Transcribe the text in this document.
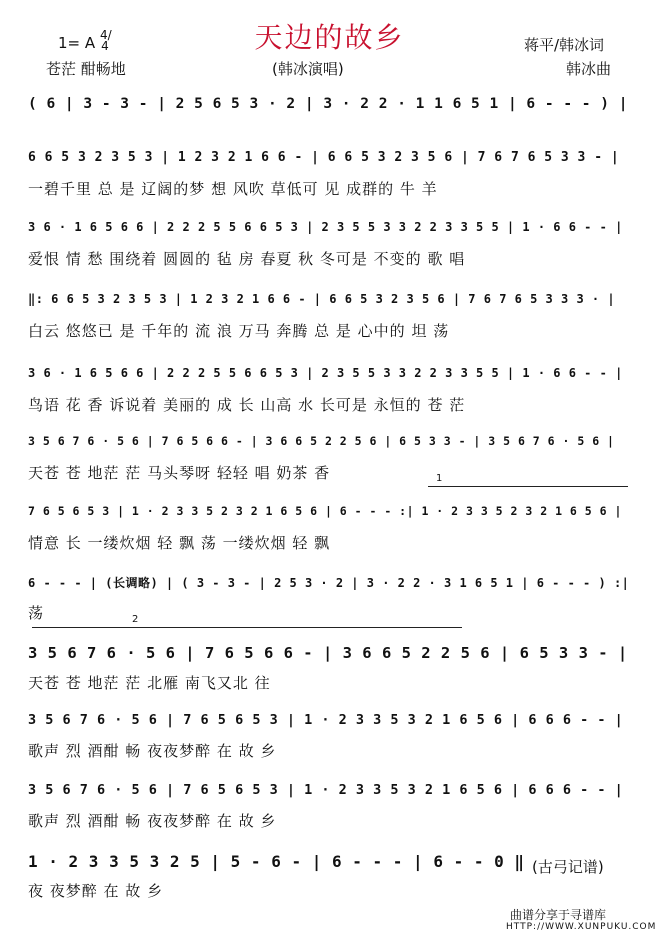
1= A 4/4
苍茫 酣畅地
天边的故乡
(韩冰演唱)
蒋平/韩冰词
韩冰曲
( 6 | 3 - 3 - | 2 5 6 5 3 · 2 | 3 · 2 2 · 1 1 6 5 1 | 6 - - - ) |
6 6 5 3 2 3 5 3 | 1 2 3 2 1 6 6 - | 6 6 5 3 2 3 5 6 | 7 6 7 6 5 3 3 - |
一碧千里 总 是 辽阔的梦 想 风吹 草低可 见 成群的 牛 羊
3 6 · 1 6 5 6 6 | 2 2 2 5 5 6 6 5 3 | 2 3 5 5 3 3 2 2 3 3 5 5 | 1 · 6 6 - - |
爱恨 情 愁 围绕着 圆圆的 毡 房 春夏 秋 冬可是 不变的 歌 唱
‖: 6 6 5 3 2 3 5 3 | 1 2 3 2 1 6 6 - | 6 6 5 3 2 3 5 6 | 7 6 7 6 5 3 3 3 · |
白云 悠悠已 是 千年的 流 浪 万马 奔腾 总 是 心中的 坦 荡
3 6 · 1 6 5 6 6 | 2 2 2 5 5 6 6 5 3 | 2 3 5 5 3 3 2 2 3 3 5 5 | 1 · 6 6 - - |
鸟语 花 香 诉说着 美丽的 成 长 山高 水 长可是 永恒的 苍 茫
3 5 6 7 6 · 5 6 | 7 6 5 6 6 - | 3 6 6 5 2 2 5 6 | 6 5 3 3 - | 3 5 6 7 6 · 5 6 |
天苍 苍 地茫 茫 马头琴呀 轻轻 唱 奶茶 香
7 6 5 6 5 3 | 1 · 2 3 3 5 2 3 2 1 6 5 6 | 6 - - - :| 1 · 2 3 3 5 2 3 2 1 6 5 6 |
情意 长 一缕炊烟 轻 飘 荡 一缕炊烟 轻 飘
6 - - - | (长调略) | ( 3 - 3 - | 2 5 3 · 2 | 3 · 2 2 · 3 1 6 5 1 | 6 - - - ) :|
荡
3 5 6 7 6 · 5 6 | 7 6 5 6 6 - | 3 6 6 5 2 2 5 6 | 6 5 3 3 - |
天苍 苍 地茫 茫 北雁 南飞又北 往
3 5 6 7 6 · 5 6 | 7 6 5 6 5 3 | 1 · 2 3 3 5 3 2 1 6 5 6 | 6 6 6 - - |
歌声 烈 酒酣 畅 夜夜梦醉 在 故 乡
3 5 6 7 6 · 5 6 | 7 6 5 6 5 3 | 1 · 2 3 3 5 3 2 1 6 5 6 | 6 6 6 - - |
歌声 烈 酒酣 畅 夜夜梦醉 在 故 乡
1 · 2 3 3 5 3 2 5 | 5 - 6 - | 6 - - - | 6 - - 0 ‖
夜 夜梦醉 在 故 乡
1
2
(古弓记谱)
曲谱分享于寻谱库
HTTP://WWW.XUNPUKU.COM
